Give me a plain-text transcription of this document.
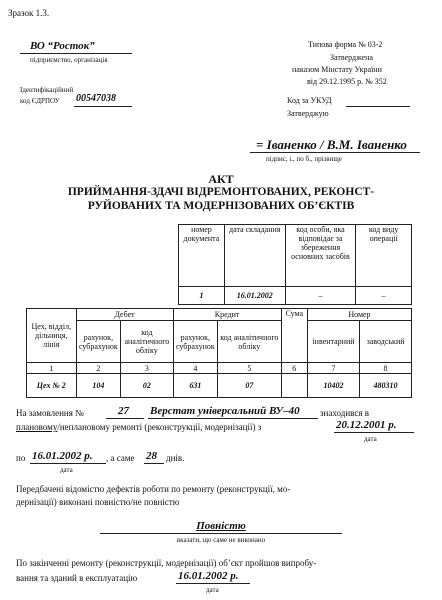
Зразок 1.3.
ВО “Росток”
підприємство, організація
Ідентифікаційний
код ЄДРПОУ 00547038
Типова форма № 03-2
Затверджена
наказом Мінстату України
від 29.12.1995 р. № 352
Код за УКУД
Затверджую
= Іваненко / В.М. Іваненко
підпис, і., по б., прізвище
АКТ
ПРИЙМАННЯ-ЗДАЧІ ВІДРЕМОНТОВАНИХ, РЕКОНСТ-
РУЙОВАНИХ ТА МОДЕРНІЗОВАНИХ ОБ’ЄКТІВ
номер документа	дата складання	код особи, яка відповідає за збереження основних засобів	код виду операції
1	16.01.2002	–	–
Цех, відділ, дільниця, лінія	Дебет		Кредит		Сума	Номер	
	рахунок, субрахунок	код аналітичного обліку	рахунок, субрахунок	код аналітичного обліку		інвентарний	заводський
1	2	3	4	5	6	7	8
Цех № 2	104	02	631	07		10402	480310
На замовлення №	27 Верстат універсальний ВУ–40 знаходився в
плановому/неплановому ремонті (реконструкції, модернізації) з	20.12.2001 р.
дата
по 16.01.2002 р.
дата
, а саме 28 днів.
Передбачені відомістю дефектів роботи по ремонту (реконструкції, мо-
дернізації) виконані повністю/не повністю
Повністю
вказати, що саме не виконано
По закінченні ремонту (реконструкції, модернізації) об’єкт пройшов випробу-
вання та зданий в експлуатацію	16.01.2002 р.
дата
